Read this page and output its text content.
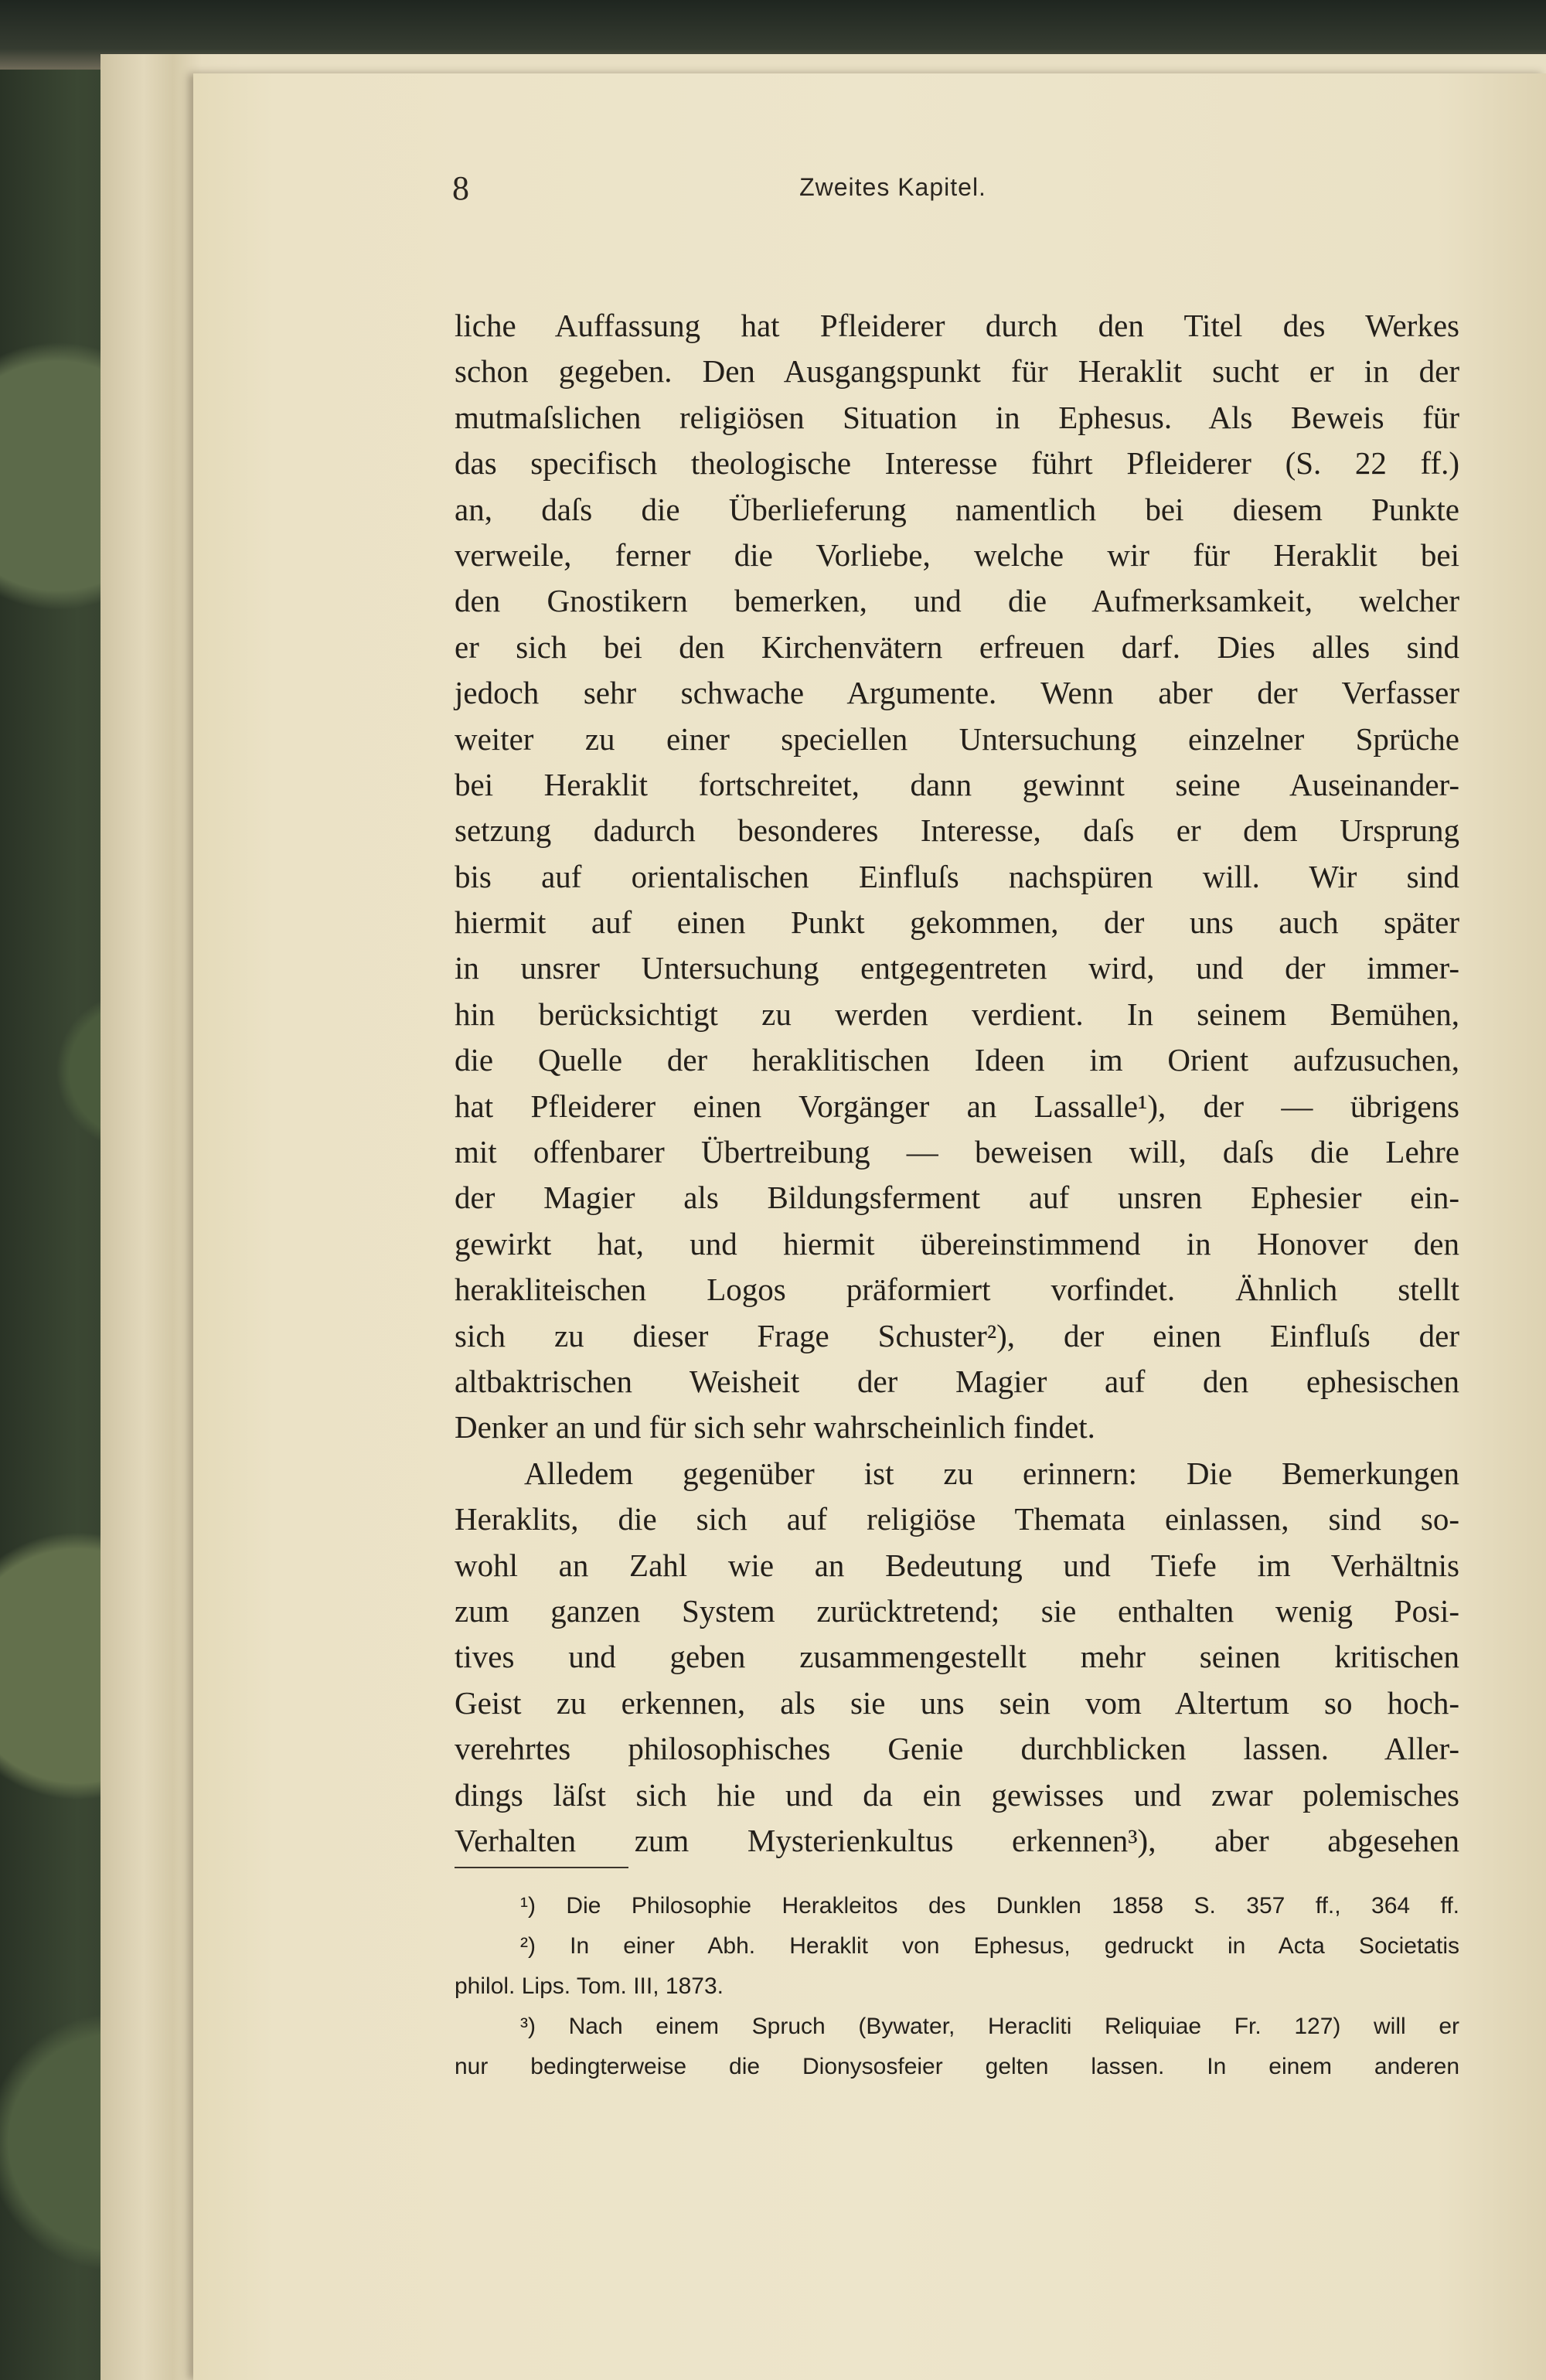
8	Zweites Kapitel.
liche Auffassung hat Pfleiderer durch den Titel des Werkes
schon gegeben. Den Ausgangspunkt für Heraklit sucht er in der
mutmaſslichen religiösen Situation in Ephesus. Als Beweis für
das specifisch theologische Interesse führt Pfleiderer (S. 22 ff.)
an, daſs die Überlieferung namentlich bei diesem Punkte
verweile, ferner die Vorliebe, welche wir für Heraklit bei
den Gnostikern bemerken, und die Aufmerksamkeit, welcher
er sich bei den Kirchenvätern erfreuen darf. Dies alles sind
jedoch sehr schwache Argumente. Wenn aber der Verfasser
weiter zu einer speciellen Untersuchung einzelner Sprüche
bei Heraklit fortschreitet, dann gewinnt seine Auseinander-
setzung dadurch besonderes Interesse, daſs er dem Ursprung
bis auf orientalischen Einfluſs nachspüren will. Wir sind
hiermit auf einen Punkt gekommen, der uns auch später
in unsrer Untersuchung entgegentreten wird, und der immer-
hin berücksichtigt zu werden verdient. In seinem Bemühen,
die Quelle der heraklitischen Ideen im Orient aufzusuchen,
hat Pfleiderer einen Vorgänger an Lassalle¹), der — übrigens
mit offenbarer Übertreibung — beweisen will, daſs die Lehre
der Magier als Bildungsferment auf unsren Ephesier ein-
gewirkt hat, und hiermit übereinstimmend in Honover den
herakliteischen Logos präformiert vorfindet. Ähnlich stellt
sich zu dieser Frage Schuster²), der einen Einfluſs der
altbaktrischen Weisheit der Magier auf den ephesischen
Denker an und für sich sehr wahrscheinlich findet.
Alledem gegenüber ist zu erinnern: Die Bemerkungen
Heraklits, die sich auf religiöse Themata einlassen, sind so-
wohl an Zahl wie an Bedeutung und Tiefe im Verhältnis
zum ganzen System zurücktretend; sie enthalten wenig Posi-
tives und geben zusammengestellt mehr seinen kritischen
Geist zu erkennen, als sie uns sein vom Altertum so hoch-
verehrtes philosophisches Genie durchblicken lassen. Aller-
dings läſst sich hie und da ein gewisses und zwar polemisches
Verhalten zum Mysterienkultus erkennen³), aber abgesehen
¹) Die Philosophie Herakleitos des Dunklen 1858 S. 357 ff., 364 ff.
²) In einer Abh. Heraklit von Ephesus, gedruckt in Acta Societatis
philol. Lips. Tom. III, 1873.
³) Nach einem Spruch (Bywater, Heracliti Reliquiae Fr. 127) will er
nur bedingterweise die Dionysosfeier gelten lassen. In einem anderen
